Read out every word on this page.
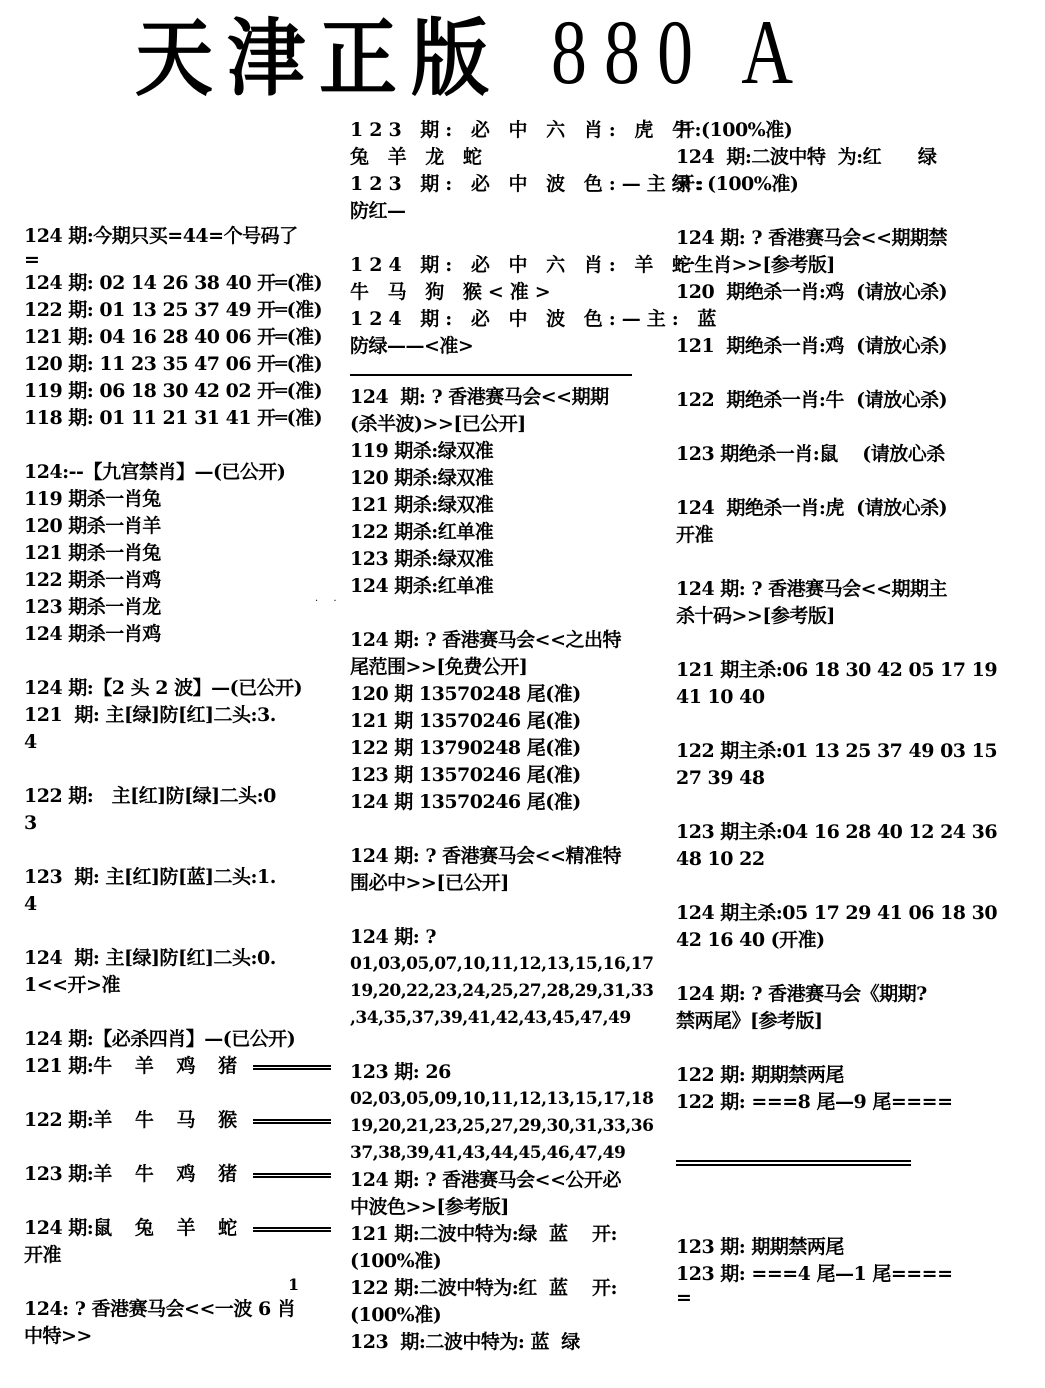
天津正版 880 A
124 期:今期只买=44=个号码了
=
124 期: 02 14 26 38 40 开═(准)
122 期: 01 13 25 37 49 开═(准)
121 期: 04 16 28 40 06 开═(准)
120 期: 11 23 35 47 06 开═(准)
119 期: 06 18 30 42 02 开═(准)
118 期: 01 11 21 31 41 开═(准)
124:--【九宫禁肖】—(已公开)
119 期杀一肖兔
120 期杀一肖羊
121 期杀一肖兔
122 期杀一肖鸡
123 期杀一肖龙
124 期杀一肖鸡
124 期:【2 头 2 波】—(已公开)
121  期: 主[绿]防[红]二头:3.
4
122 期:   主[红]防[绿]二头:0
3
123  期: 主[红]防[蓝]二头:1.
4
124  期: 主[绿]防[红]二头:0.
1<<开>准
124 期:【必杀四肖】—(已公开)
121 期:牛 羊 鸡 猪
122 期:羊 牛 马 猴
123 期:羊 牛 鸡 猪
124 期:鼠 兔 羊 蛇
开准
124: ? 香港赛马会<<一波 6 肖
中特>>
1
. .
123 期: 必 中 六 肖: 虎 牛
兔 羊 龙 蛇
123 期: 必 中 波 色:—主绿:
防红—
124 期: 必 中 六 肖: 羊 蛇
牛 马 狗 猴<准>
124 期: 必 中 波 色:—主: 蓝
防绿——<准>
124  期: ? 香港赛马会<<期期
(杀半波)>>[已公开]
119 期杀:绿双准
120 期杀:绿双准
121 期杀:绿双准
122 期杀:红单准
123 期杀:绿双准
124 期杀:红单准
124 期: ? 香港赛马会<<之出特
尾范围>>[免费公开]
120 期 13570248 尾(准)
121 期 13570246 尾(准)
122 期 13790248 尾(准)
123 期 13570246 尾(准)
124 期 13570246 尾(准)
124 期: ? 香港赛马会<<精准特
围必中>>[已公开]
124 期: ?
01,03,05,07,10,11,12,13,15,16,17
19,20,22,23,24,25,27,28,29,31,33
,34,35,37,39,41,42,43,45,47,49
123 期: 26
02,03,05,09,10,11,12,13,15,17,18
19,20,21,23,25,27,29,30,31,33,36
37,38,39,41,43,44,45,46,47,49
124 期: ? 香港赛马会<<公开必
中波色>>[参考版]
121 期:二波中特为:绿  蓝    开:
(100%准)
122 期:二波中特为:红  蓝    开:
(100%准)
123  期:二波中特为: 蓝  绿
开:(100%准)
124  期:二波中特  为:红      绿
开: (100%准)
124 期: ? 香港赛马会<<期期禁
一生肖>>[参考版]
120  期绝杀一肖:鸡  (请放心杀)
121  期绝杀一肖:鸡  (请放心杀)
122  期绝杀一肖:牛  (请放心杀)
123 期绝杀一肖:鼠    (请放心杀
124  期绝杀一肖:虎  (请放心杀)
开准
124 期: ? 香港赛马会<<期期主
杀十码>>[参考版]
121 期主杀:06 18 30 42 05 17 19
41 10 40
122 期主杀:01 13 25 37 49 03 15
27 39 48
123 期主杀:04 16 28 40 12 24 36
48 10 22
124 期主杀:05 17 29 41 06 18 30
42 16 40 (开准)
124 期: ? 香港赛马会《期期?
禁两尾》[参考版]
122 期: 期期禁两尾
122 期: ===8 尾—9 尾====
123 期: 期期禁两尾
123 期: ===4 尾—1 尾====
=
